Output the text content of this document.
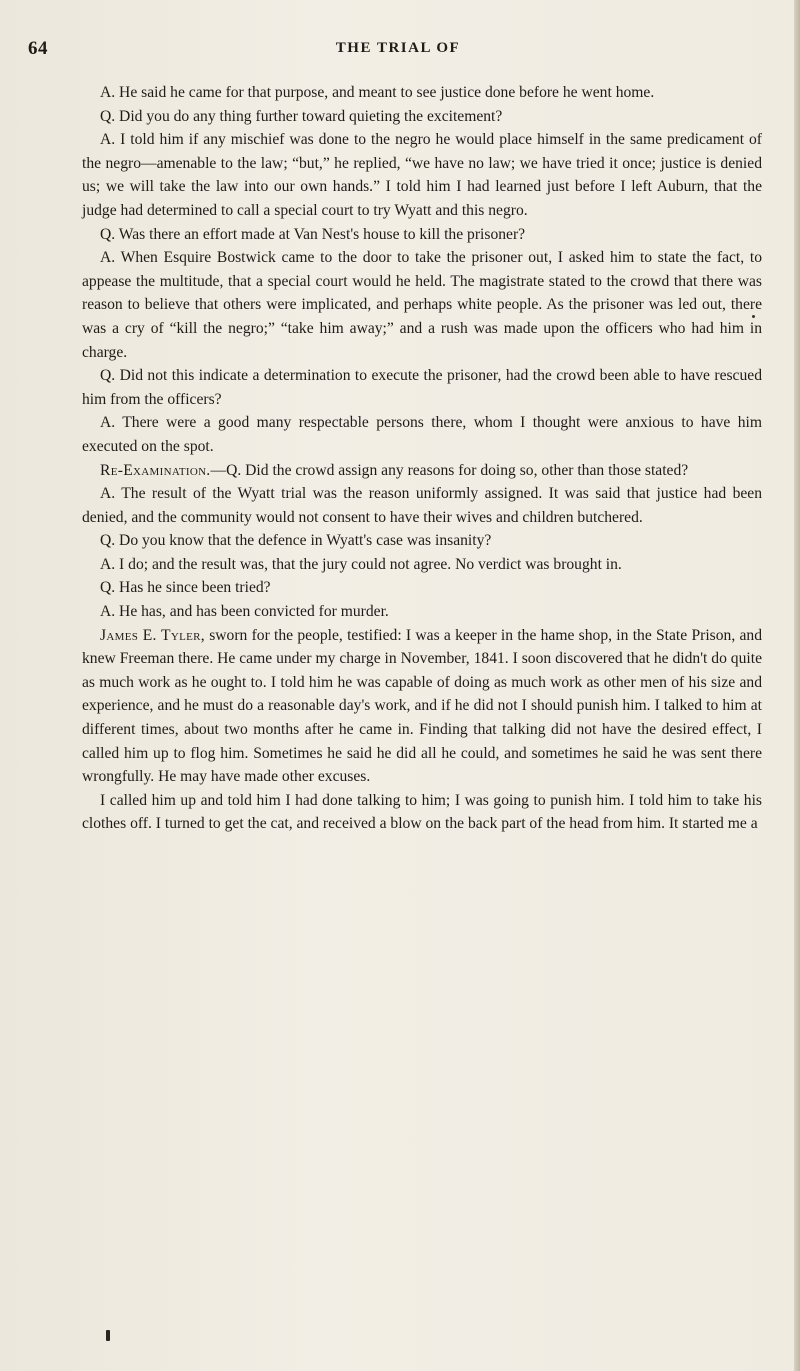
64	THE TRIAL OF

A. He said he came for that purpose, and meant to see justice done before he went home.

Q. Did you do any thing further toward quieting the excitement?

A. I told him if any mischief was done to the negro he would place himself in the same predicament of the negro—amenable to the law; “but,” he replied, “we have no law; we have tried it once; justice is denied us; we will take the law into our own hands.” I told him I had learned just before I left Auburn, that the judge had determined to call a special court to try Wyatt and this negro.

Q. Was there an effort made at Van Nest's house to kill the prisoner?

A. When Esquire Bostwick came to the door to take the prisoner out, I asked him to state the fact, to appease the multitude, that a special court would he held. The magistrate stated to the crowd that there was reason to believe that others were implicated, and perhaps white people. As the prisoner was led out, there was a cry of “kill the negro;” “take him away;” and a rush was made upon the officers who had him in charge.

Q. Did not this indicate a determination to execute the prisoner, had the crowd been able to have rescued him from the officers?

A. There were a good many respectable persons there, whom I thought were anxious to have him executed on the spot.

Re-Examination.—Q. Did the crowd assign any reasons for doing so, other than those stated?

A. The result of the Wyatt trial was the reason uniformly assigned. It was said that justice had been denied, and the community would not consent to have their wives and children butchered.

Q. Do you know that the defence in Wyatt's case was insanity?

A. I do; and the result was, that the jury could not agree. No verdict was brought in.

Q. Has he since been tried?

A. He has, and has been convicted for murder.

James E. Tyler, sworn for the people, testified: I was a keeper in the hame shop, in the State Prison, and knew Freeman there. He came under my charge in November, 1841. I soon discovered that he didn't do quite as much work as he ought to. I told him he was capable of doing as much work as other men of his size and experience, and he must do a reasonable day's work, and if he did not I should punish him. I talked to him at different times, about two months after he came in. Finding that talking did not have the desired effect, I called him up to flog him. Sometimes he said he did all he could, and sometimes he said he was sent there wrongfully. He may have made other excuses.

I called him up and told him I had done talking to him; I was going to punish him. I told him to take his clothes off. I turned to get the cat, and received a blow on the back part of the head from him. It started me a
